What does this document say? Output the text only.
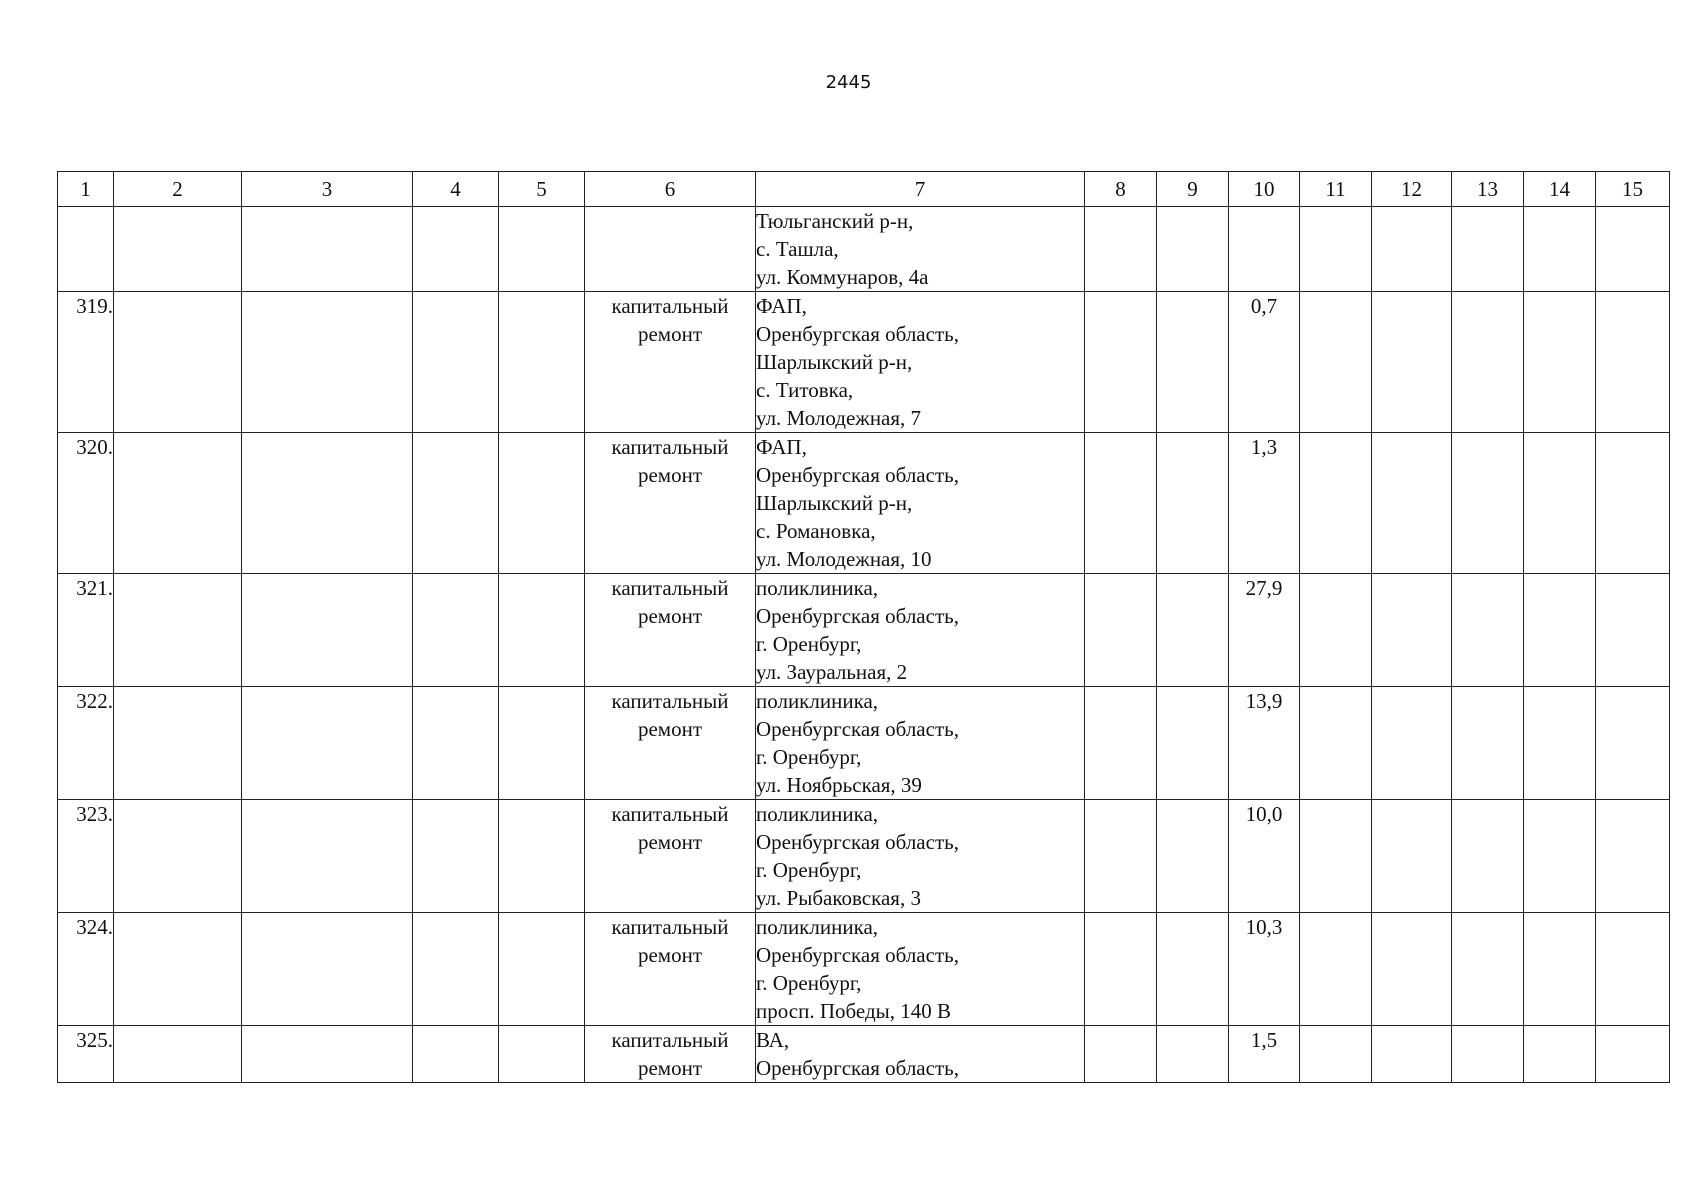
2445
1	2	3	4	5	6	7	8	9	10	11	12	13	14	15

						Тюльганский р-н,
с. Ташла,
ул. Коммунаров, 4а								

319.					капитальный
ремонт	ФАП,
Оренбургская область,
Шарлыкский р-н,
с. Титовка,
ул. Молодежная, 7			0,7					
320.					капитальный
ремонт	ФАП,
Оренбургская область,
Шарлыкский р-н,
с. Романовка,
ул. Молодежная, 10			1,3					
321.					капитальный
ремонт	поликлиника,
Оренбургская область,
г. Оренбург,
ул. Зауральная, 2			27,9					
322.					капитальный
ремонт	поликлиника,
Оренбургская область,
г. Оренбург,
ул. Ноябрьская, 39			13,9					
323.					капитальный
ремонт	поликлиника,
Оренбургская область,
г. Оренбург,
ул. Рыбаковская, 3			10,0					
324.					капитальный
ремонт	поликлиника,
Оренбургская область,
г. Оренбург,
просп. Победы, 140 В			10,3					
325.					капитальный
ремонт	ВА,
Оренбургская область,			1,5					
